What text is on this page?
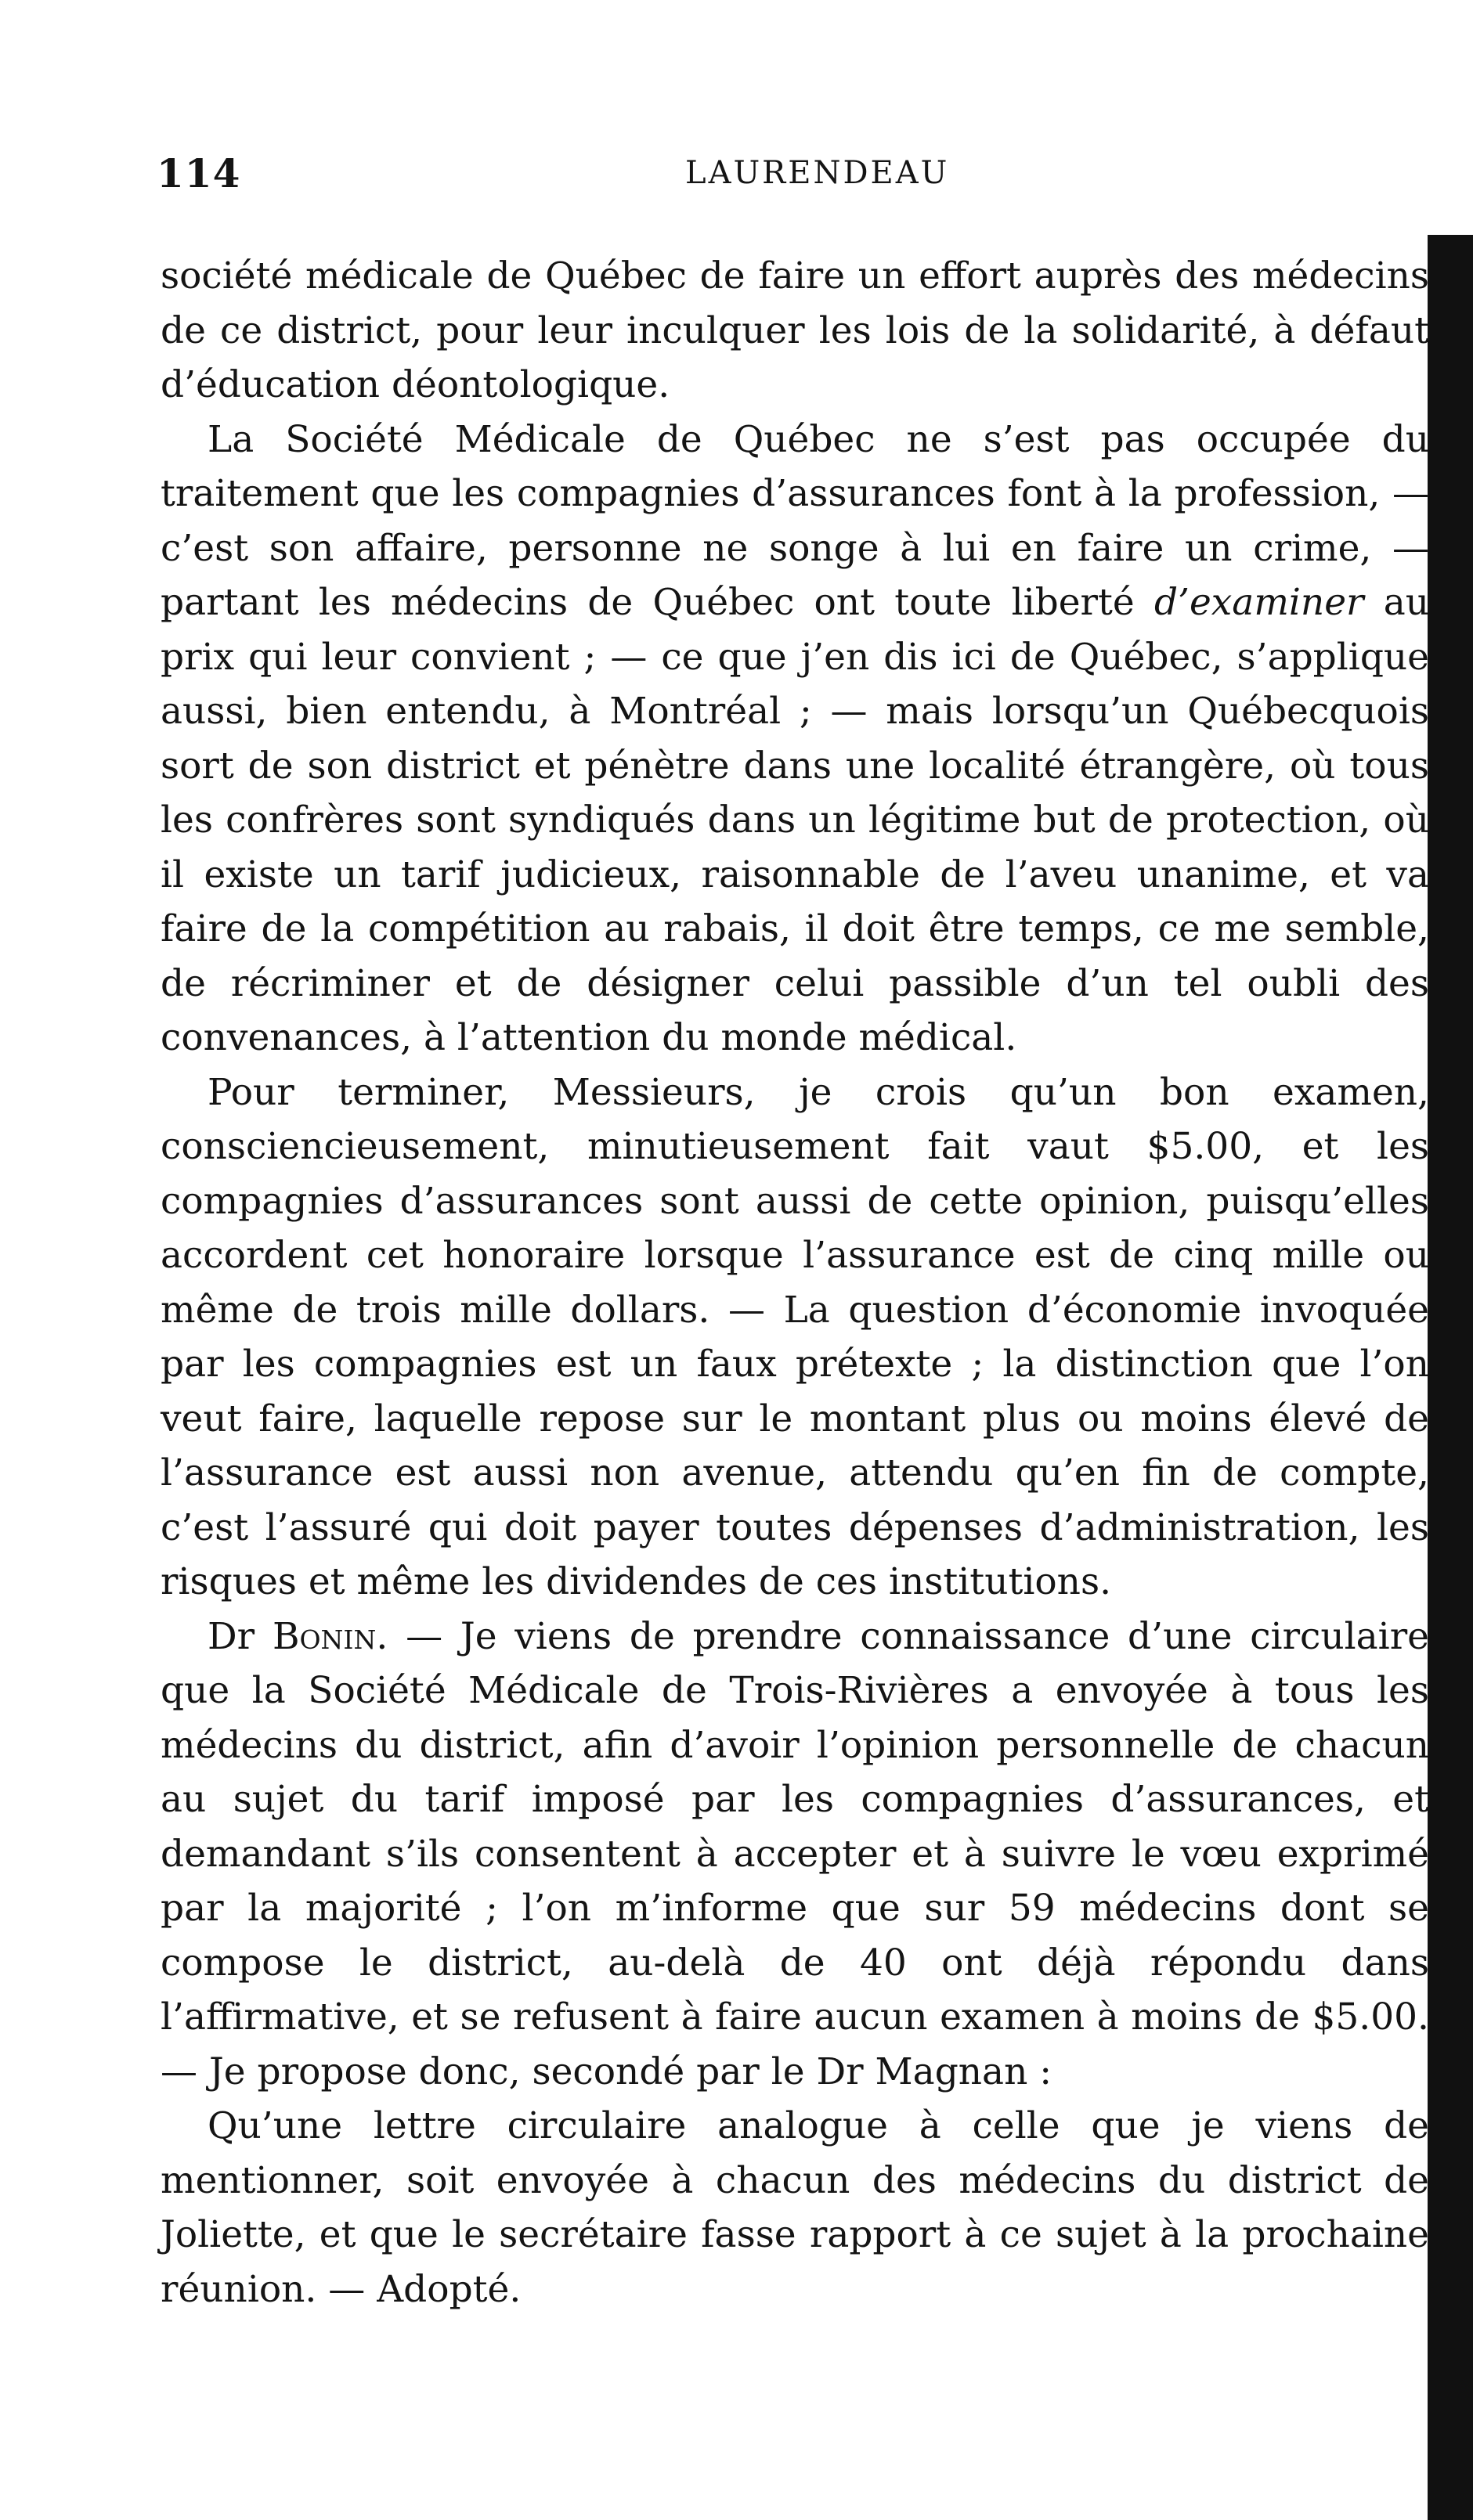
114	LAURENDEAU

société médicale de Québec de faire un effort auprès des médecins de ce district, pour leur inculquer les lois de la solidarité, à défaut d’éducation déontologique.

La Société Médicale de Québec ne s’est pas occupée du traitement que les compagnies d’assurances font à la profession, — c’est son affaire, personne ne songe à lui en faire un crime, — partant les médecins de Québec ont toute liberté d’examiner au prix qui leur convient ; — ce que j’en dis ici de Québec, s’applique aussi, bien entendu, à Montréal ; — mais lorsqu’un Québecquois sort de son district et pénètre dans une localité étrangère, où tous les confrères sont syndiqués dans un légitime but de protection, où il existe un tarif judicieux, raisonnable de l’aveu unanime, et va faire de la compétition au rabais, il doit être temps, ce me semble, de récriminer et de désigner celui passible d’un tel oubli des convenances, à l’attention du monde médical.

Pour terminer, Messieurs, je crois qu’un bon examen, consciencieusement, minutieusement fait vaut $5.00, et les compagnies d’assurances sont aussi de cette opinion, puisqu’elles accordent cet honoraire lorsque l’assurance est de cinq mille ou même de trois mille dollars. — La question d’économie invoquée par les compagnies est un faux prétexte ; la distinction que l’on veut faire, laquelle repose sur le montant plus ou moins élevé de l’assurance est aussi non avenue, attendu qu’en fin de compte, c’est l’assuré qui doit payer toutes dépenses d’administration, les risques et même les dividendes de ces institutions.

Dr Bonin. — Je viens de prendre connaissance d’une circulaire que la Société Médicale de Trois-Rivières a envoyée à tous les médecins du district, afin d’avoir l’opinion personnelle de chacun au sujet du tarif imposé par les compagnies d’assurances, et demandant s’ils consentent à accepter et à suivre le vœu exprimé par la majorité ; l’on m’informe que sur 59 médecins dont se compose le district, au-delà de 40 ont déjà répondu dans l’affirmative, et se refusent à faire aucun examen à moins de $5.00. — Je propose donc, secondé par le Dr Magnan :

Qu’une lettre circulaire analogue à celle que je viens de mentionner, soit envoyée à chacun des médecins du district de Joliette, et que le secrétaire fasse rapport à ce sujet à la prochaine réunion. — Adopté.
